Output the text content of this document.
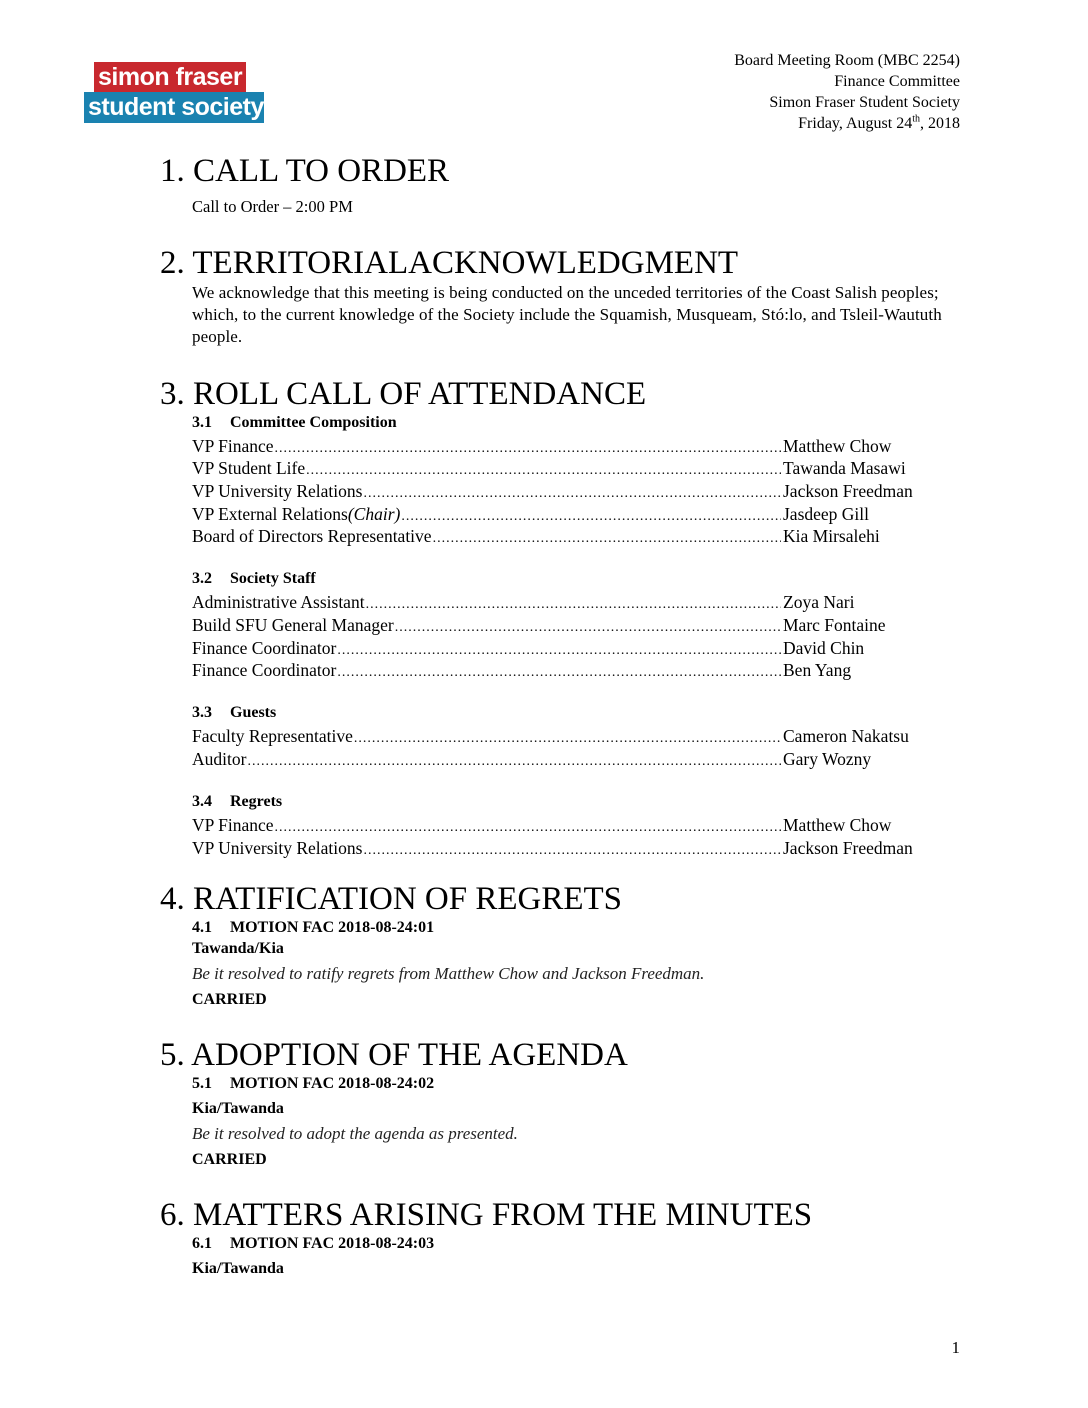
simon fraser
student society
Board Meeting Room (MBC 2254)
Finance Committee
Simon Fraser Student Society
Friday, August 24th, 2018
1. CALL TO ORDER
Call to Order – 2:00 PM
2. TERRITORIALACKNOWLEDGMENT
We acknowledge that this meeting is being conducted on the unceded territories of the Coast Salish peoples; which, to the current knowledge of the Society include the Squamish, Musqueam, Stó:lo, and Tsleil-Waututh people.
3. ROLL CALL OF ATTENDANCE
3.1 Committee Composition
VP Finance .....	Matthew Chow
VP Student Life .....	Tawanda Masawi
VP University Relations .....	Jackson Freedman
VP External Relations (Chair) .....	Jasdeep Gill
Board of Directors Representative .....	Kia Mirsalehi
3.2 Society Staff
Administrative Assistant .....	Zoya Nari
Build SFU General Manager .....	Marc Fontaine
Finance Coordinator .....	David Chin
Finance Coordinator .....	Ben Yang
3.3 Guests
Faculty Representative .....	Cameron Nakatsu
Auditor .....	Gary Wozny
3.4 Regrets
VP Finance .....	Matthew Chow
VP University Relations .....	Jackson Freedman
4. RATIFICATION OF REGRETS
4.1 MOTION FAC 2018-08-24:01
Tawanda/Kia
Be it resolved to ratify regrets from Matthew Chow and Jackson Freedman.
CARRIED
5. ADOPTION OF THE AGENDA
5.1 MOTION FAC 2018-08-24:02
Kia/Tawanda
Be it resolved to adopt the agenda as presented.
CARRIED
6. MATTERS ARISING FROM THE MINUTES
6.1 MOTION FAC 2018-08-24:03
Kia/Tawanda
1
